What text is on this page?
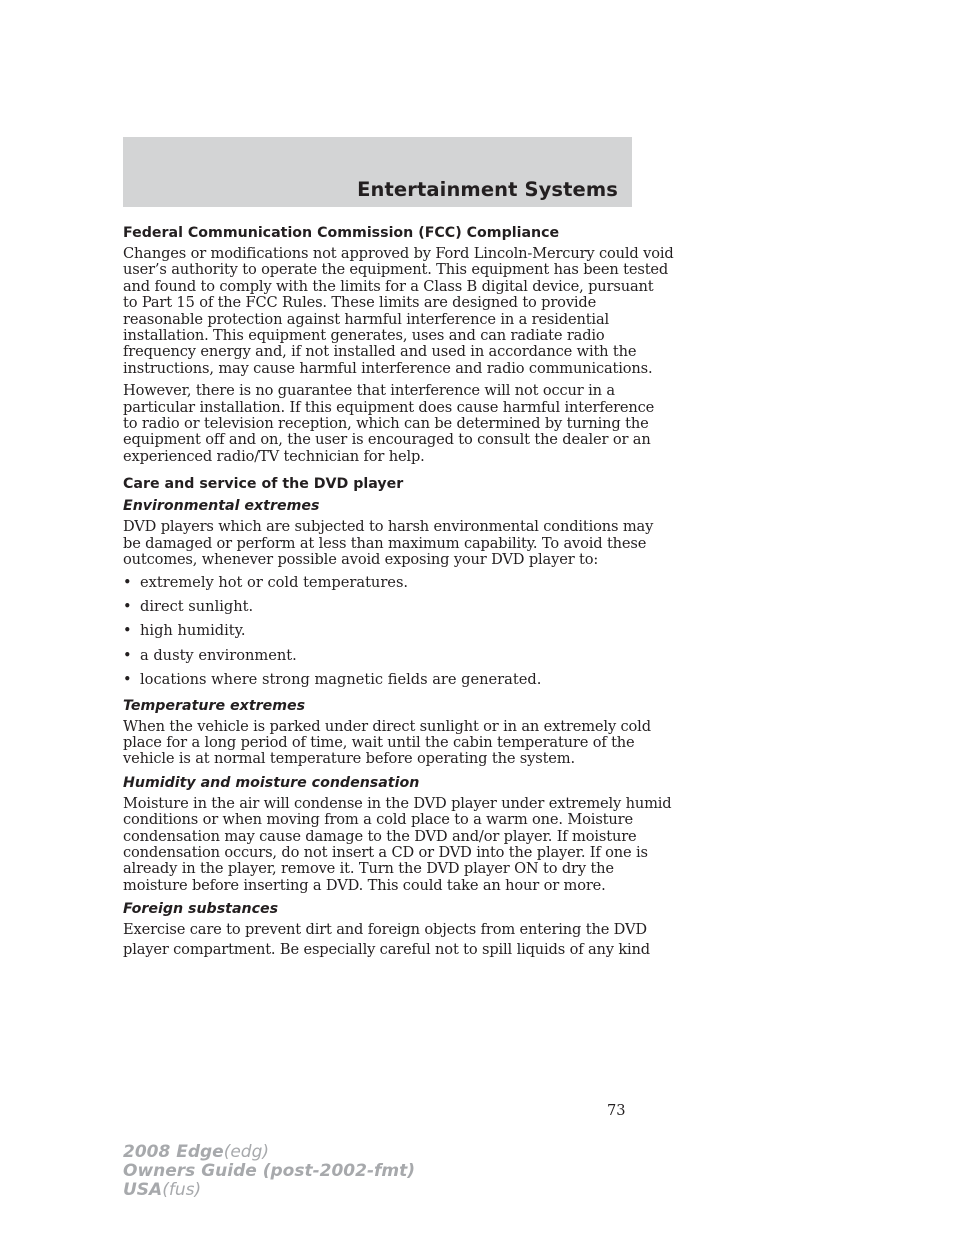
Entertainment Systems
Federal Communication Commission (FCC) Compliance
Changes or modifications not approved by Ford Lincoln-Mercury could void
user’s authority to operate the equipment. This equipment has been tested
and found to comply with the limits for a Class B digital device, pursuant
to Part 15 of the FCC Rules. These limits are designed to provide
reasonable protection against harmful interference in a residential
installation. This equipment generates, uses and can radiate radio
frequency energy and, if not installed and used in accordance with the
instructions, may cause harmful interference and radio communications.
However, there is no guarantee that interference will not occur in a
particular installation. If this equipment does cause harmful interference
to radio or television reception, which can be determined by turning the
equipment off and on, the user is encouraged to consult the dealer or an
experienced radio/TV technician for help.
Care and service of the DVD player
Environmental extremes
DVD players which are subjected to harsh environmental conditions may
be damaged or perform at less than maximum capability. To avoid these
outcomes, whenever possible avoid exposing your DVD player to:
• extremely hot or cold temperatures.
• direct sunlight.
• high humidity.
• a dusty environment.
• locations where strong magnetic fields are generated.
Temperature extremes
When the vehicle is parked under direct sunlight or in an extremely cold
place for a long period of time, wait until the cabin temperature of the
vehicle is at normal temperature before operating the system.
Humidity and moisture condensation
Moisture in the air will condense in the DVD player under extremely humid
conditions or when moving from a cold place to a warm one. Moisture
condensation may cause damage to the DVD and/or player. If moisture
condensation occurs, do not insert a CD or DVD into the player. If one is
already in the player, remove it. Turn the DVD player ON to dry the
moisture before inserting a DVD. This could take an hour or more.
Foreign substances
Exercise care to prevent dirt and foreign objects from entering the DVD
player compartment. Be especially careful not to spill liquids of any kind
73
2008 Edge(edg)
Owners Guide (post-2002-fmt)
USA(fus)
